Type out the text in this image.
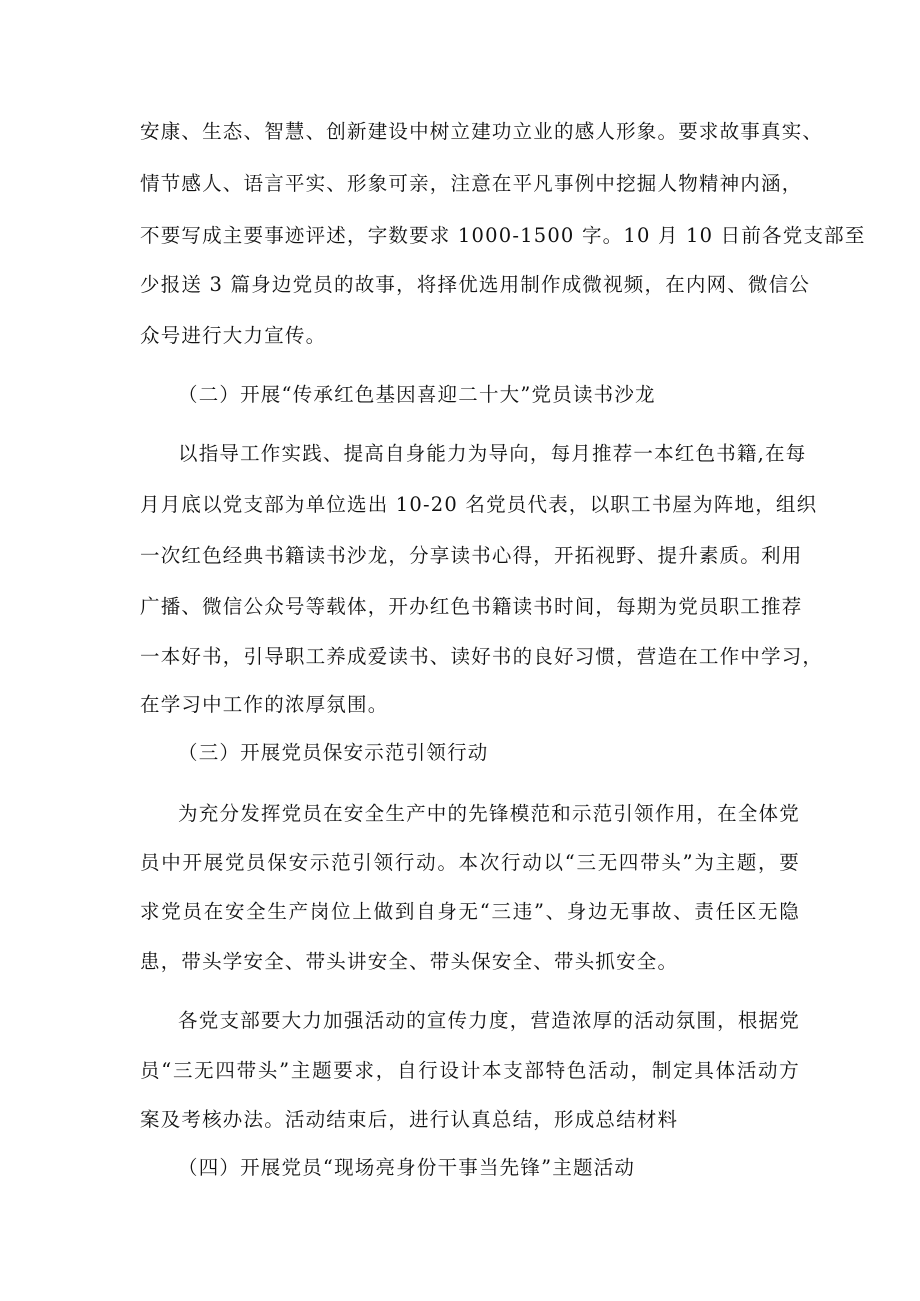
安康、生态、智慧、创新建设中树立建功立业的感人形象。要求故事真实、
情节感人、语言平实、形象可亲，注意在平凡事例中挖掘人物精神内涵，
不要写成主要事迹评述，字数要求 1000-1500 字。10 月 10 日前各党支部至
少报送 3 篇身边党员的故事，将择优选用制作成微视频，在内网、微信公
众号进行大力宣传。
（二）开展“传承红色基因喜迎二十大”党员读书沙龙
以指导工作实践、提高自身能力为导向，每月推荐一本红色书籍,在每
月月底以党支部为单位选出 10-20 名党员代表，以职工书屋为阵地，组织
一次红色经典书籍读书沙龙，分享读书心得，开拓视野、提升素质。利用
广播、微信公众号等载体，开办红色书籍读书时间，每期为党员职工推荐
一本好书，引导职工养成爱读书、读好书的良好习惯，营造在工作中学习，
在学习中工作的浓厚氛围。
（三）开展党员保安示范引领行动
为充分发挥党员在安全生产中的先锋模范和示范引领作用，在全体党
员中开展党员保安示范引领行动。本次行动以“三无四带头”为主题，要
求党员在安全生产岗位上做到自身无“三违”、身边无事故、责任区无隐
患，带头学安全、带头讲安全、带头保安全、带头抓安全。
各党支部要大力加强活动的宣传力度，营造浓厚的活动氛围，根据党
员“三无四带头”主题要求，自行设计本支部特色活动，制定具体活动方
案及考核办法。活动结束后，进行认真总结，形成总结材料
（四）开展党员“现场亮身份干事当先锋”主题活动
